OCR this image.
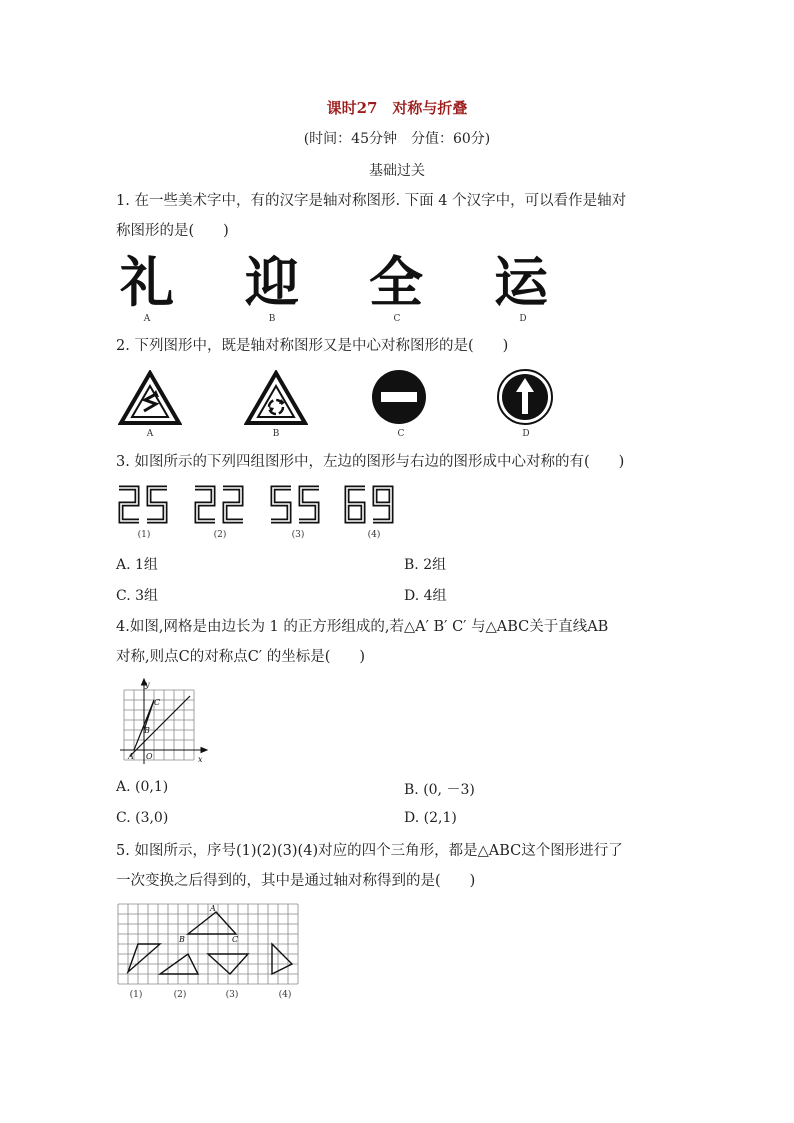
课时27　对称与折叠
(时间：45分钟　分值：60分)
基础过关
1. 在一些美术字中，有的汉字是轴对称图形. 下面 4 个汉字中，可以看作是轴对
称图形的是(　　)
礼 迎 全 运
A	B	C	D
2. 下列图形中，既是轴对称图形又是中心对称图形的是(　　)
A	B	C	D
3. 如图所示的下列四组图形中，左边的图形与右边的图形成中心对称的有(　　)
(1)	(2)	(3)	(4)
A. 1组	B. 2组
C. 3组	D. 4组
4.如图,网格是由边长为 1 的正方形组成的,若△A′ B′ C′ 与△ABC关于直线AB
对称,则点C的对称点C′ 的坐标是(　　)
y
x
C
B
A O
A. (0,1)	B. (0, －3)
C. (3,0)	D. (2,1)
5. 如图所示，序号(1)(2)(3)(4)对应的四个三角形，都是△ABC这个图形进行了
一次变换之后得到的，其中是通过轴对称得到的是(　　)
A
B	C
(1)	(2)	(3)	(4)
